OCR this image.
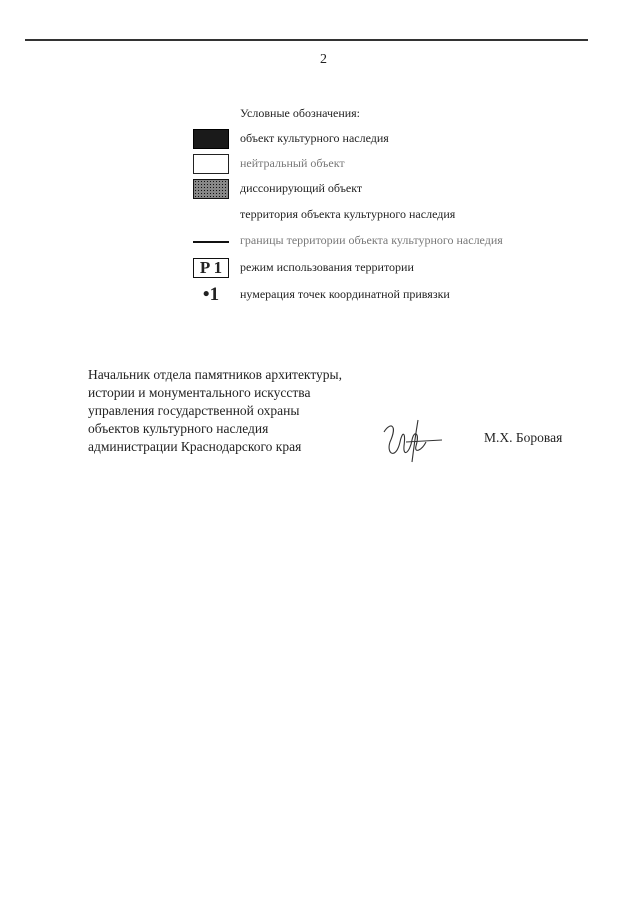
2
Условные обозначения:
объект культурного наследия
нейтральный объект
диссонирующий объект
территория объекта культурного наследия
границы территории объекта культурного наследия
P 1	режим использования территории
•1	нумерация точек координатной привязки
Начальник отдела памятников архитектуры,
истории и монументального искусства
управления государственной охраны
объектов культурного наследия
администрации Краснодарского края
М.Х. Боровая
